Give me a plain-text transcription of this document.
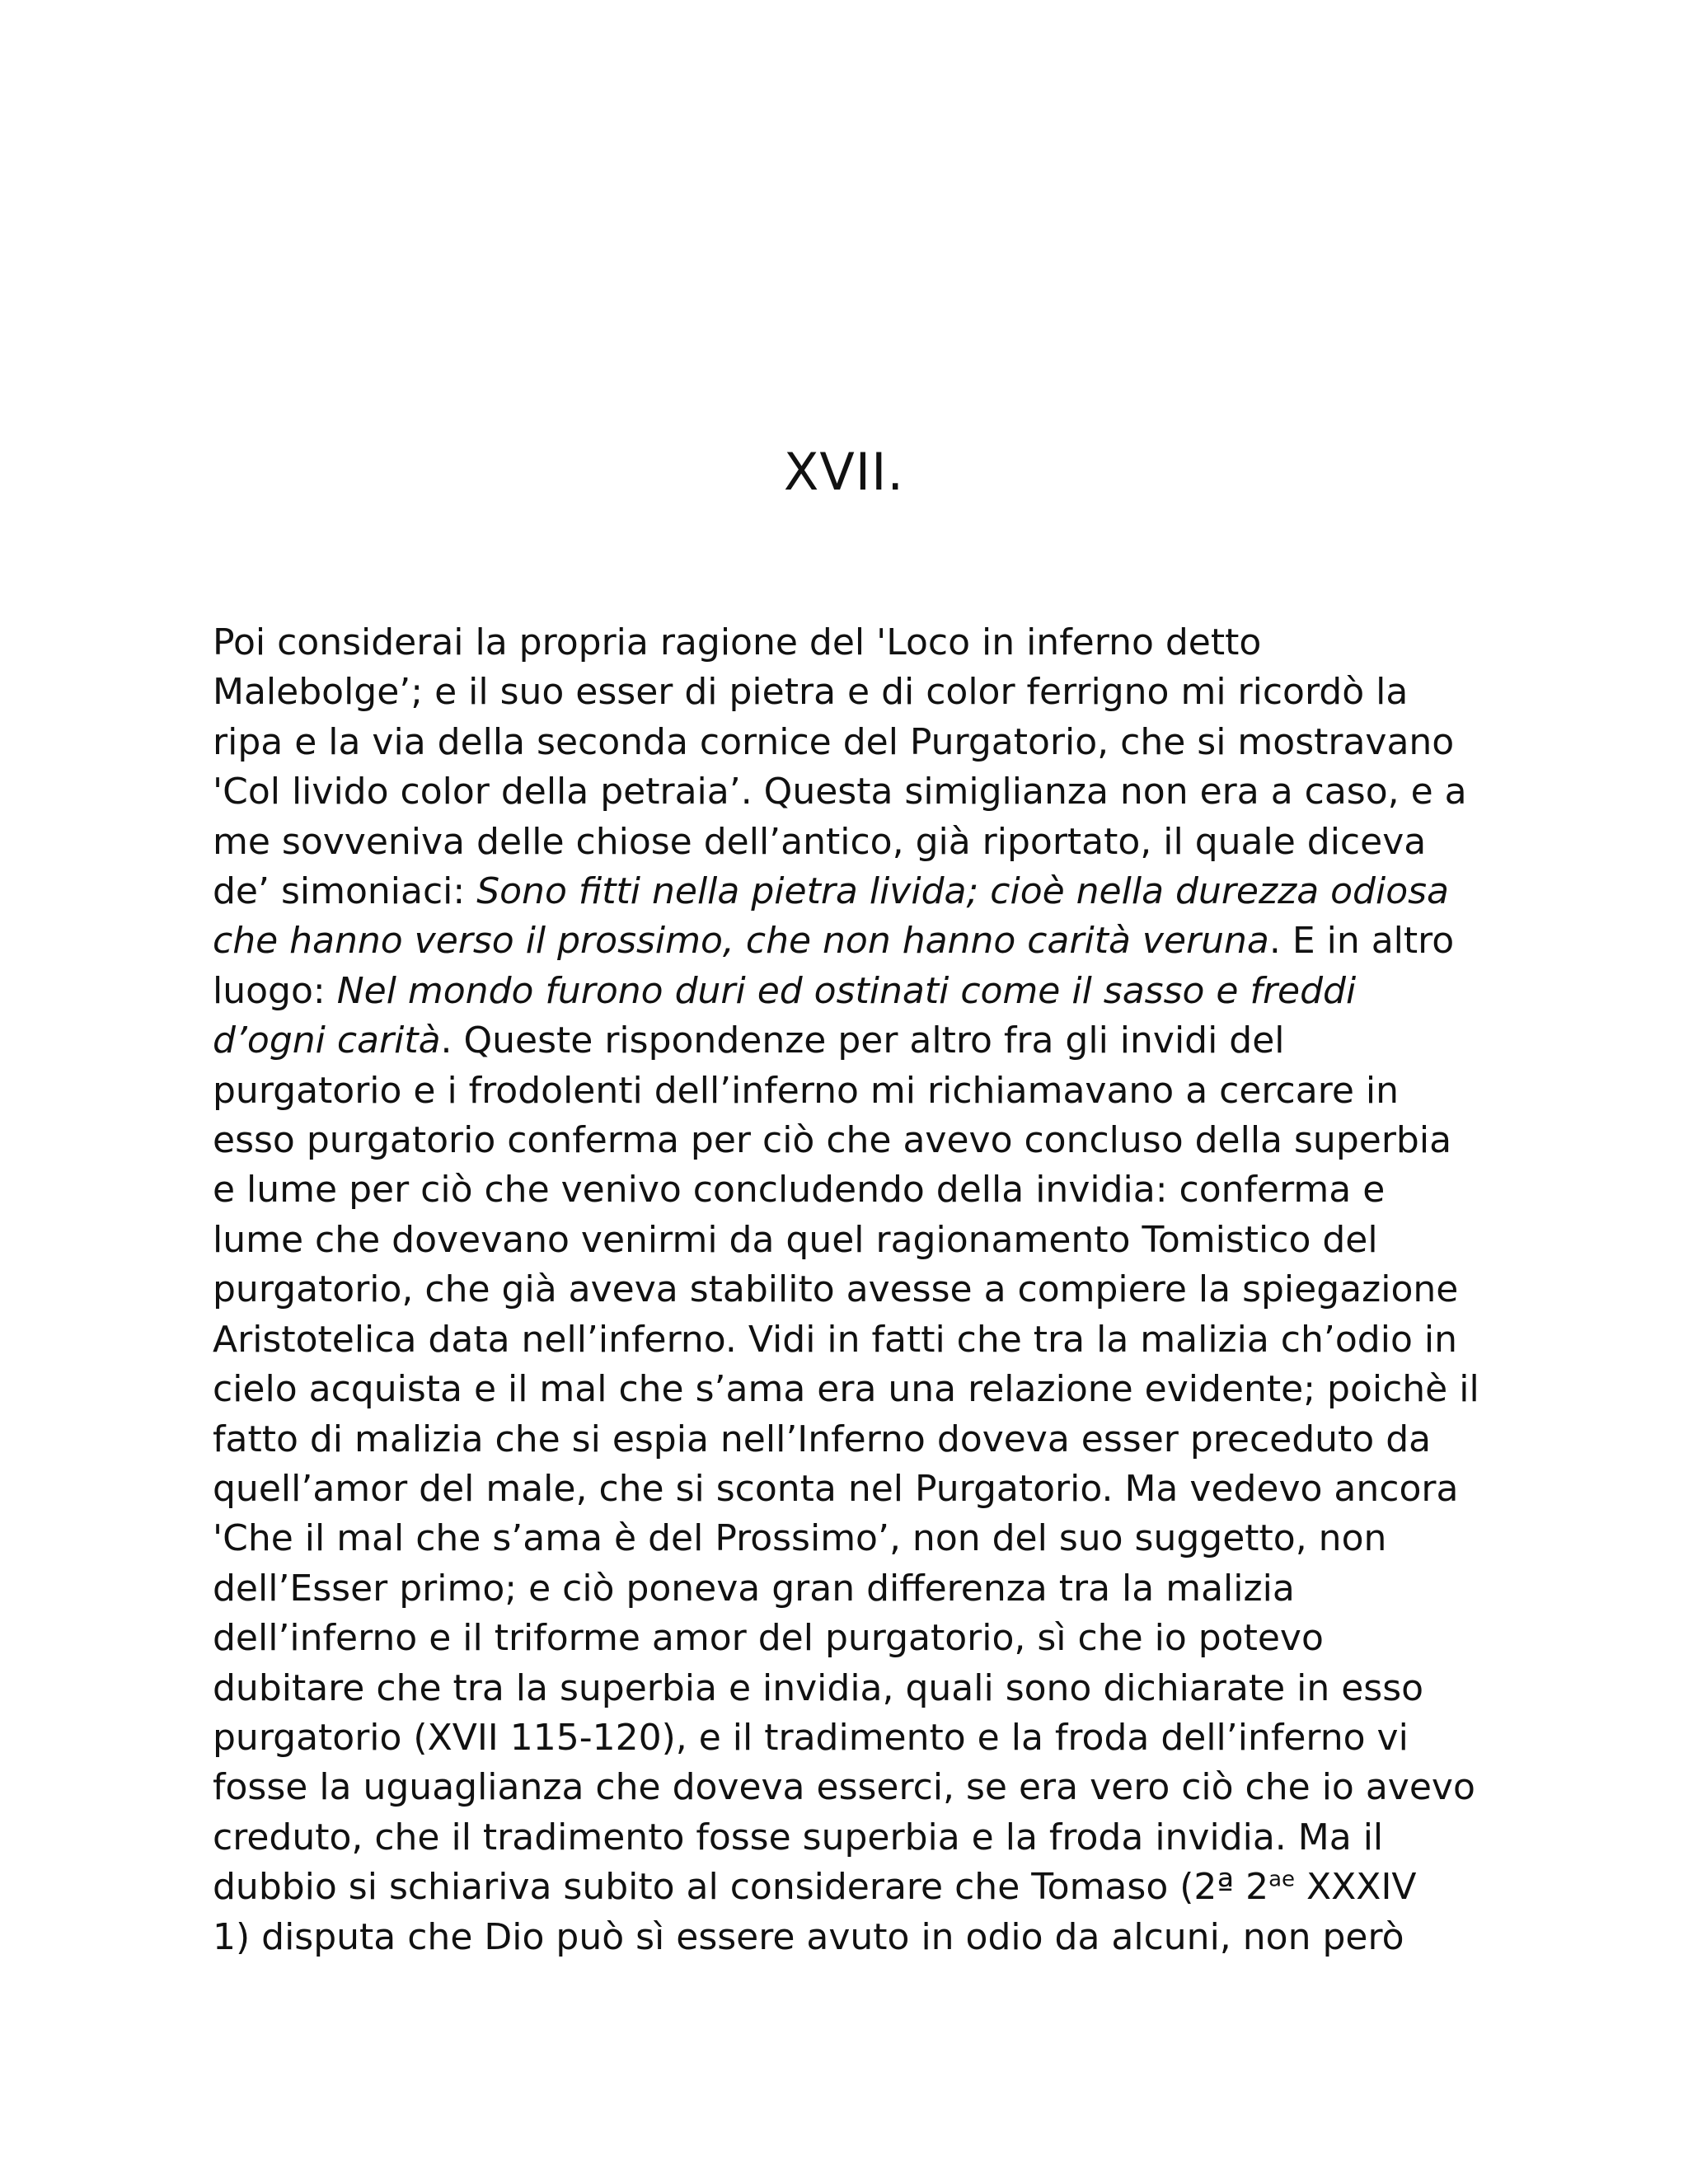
XVII.

Poi considerai la propria ragione del 'Loco in inferno detto
Malebolge’; e il suo esser di pietra e di color ferrigno mi ricordò la
ripa e la via della seconda cornice del Purgatorio, che si mostravano
'Col livido color della petraia’. Questa simiglianza non era a caso, e a
me sovveniva delle chiose dell’antico, già riportato, il quale diceva
de’ simoniaci: Sono fitti nella pietra livida; cioè nella durezza odiosa
che hanno verso il prossimo, che non hanno carità veruna. E in altro
luogo: Nel mondo furono duri ed ostinati come il sasso e freddi
d’ogni carità. Queste rispondenze per altro fra gli invidi del
purgatorio e i frodolenti dell’inferno mi richiamavano a cercare in
esso purgatorio conferma per ciò che avevo concluso della superbia
e lume per ciò che venivo concludendo della invidia: conferma e
lume che dovevano venirmi da quel ragionamento Tomistico del
purgatorio, che già aveva stabilito avesse a compiere la spiegazione
Aristotelica data nell’inferno. Vidi in fatti che tra la malizia ch’odio in
cielo acquista e il mal che s’ama era una relazione evidente; poichè il
fatto di malizia che si espia nell’Inferno doveva esser preceduto da
quell’amor del male, che si sconta nel Purgatorio. Ma vedevo ancora
'Che il mal che s’ama è del Prossimo’, non del suo suggetto, non
dell’Esser primo; e ciò poneva gran differenza tra la malizia
dell’inferno e il triforme amor del purgatorio, sì che io potevo
dubitare che tra la superbia e invidia, quali sono dichiarate in esso
purgatorio (XVII 115-120), e il tradimento e la froda dell’inferno vi
fosse la uguaglianza che doveva esserci, se era vero ciò che io avevo
creduto, che il tradimento fosse superbia e la froda invidia. Ma il
dubbio si schiariva subito al considerare che Tomaso (2ª $2^{ae}$ XXXIV
1) disputa che Dio può sì essere avuto in odio da alcuni, non però
